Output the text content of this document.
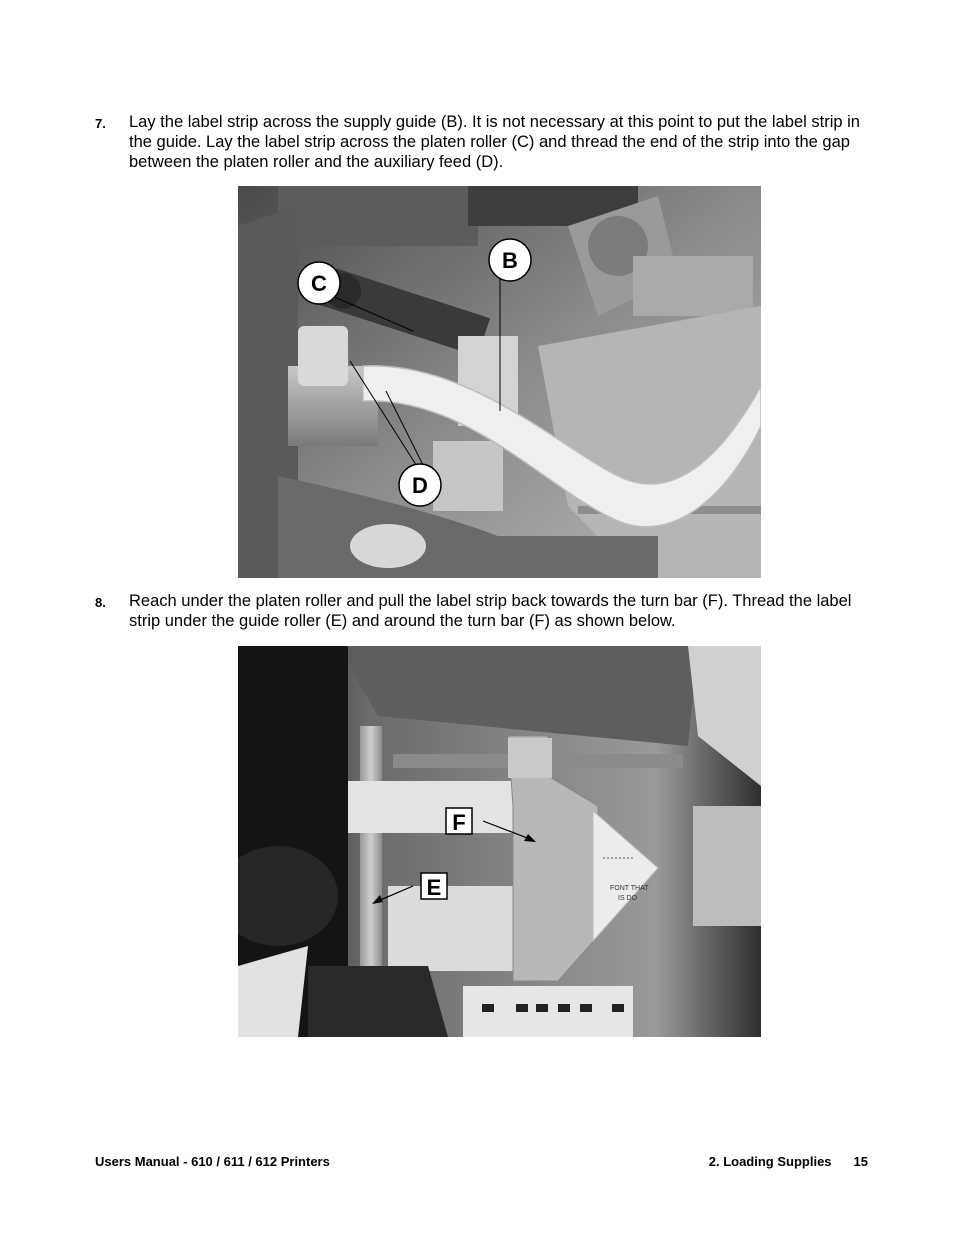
7. Lay the label strip across the supply guide (B). It is not necessary at this point to put the label strip in the guide. Lay the label strip across the platen roller (C) and thread the end of the strip into the gap between the platen roller and the auxiliary feed (D).
B
C
D
8. Reach under the platen roller and pull the label strip back towards the turn bar (F). Thread the label strip under the guide roller (E) and around the turn bar (F) as shown below.
FONT THAT
IS DO
F
E
Users Manual - 610 / 611 / 612 Printers	2. Loading Supplies 15
